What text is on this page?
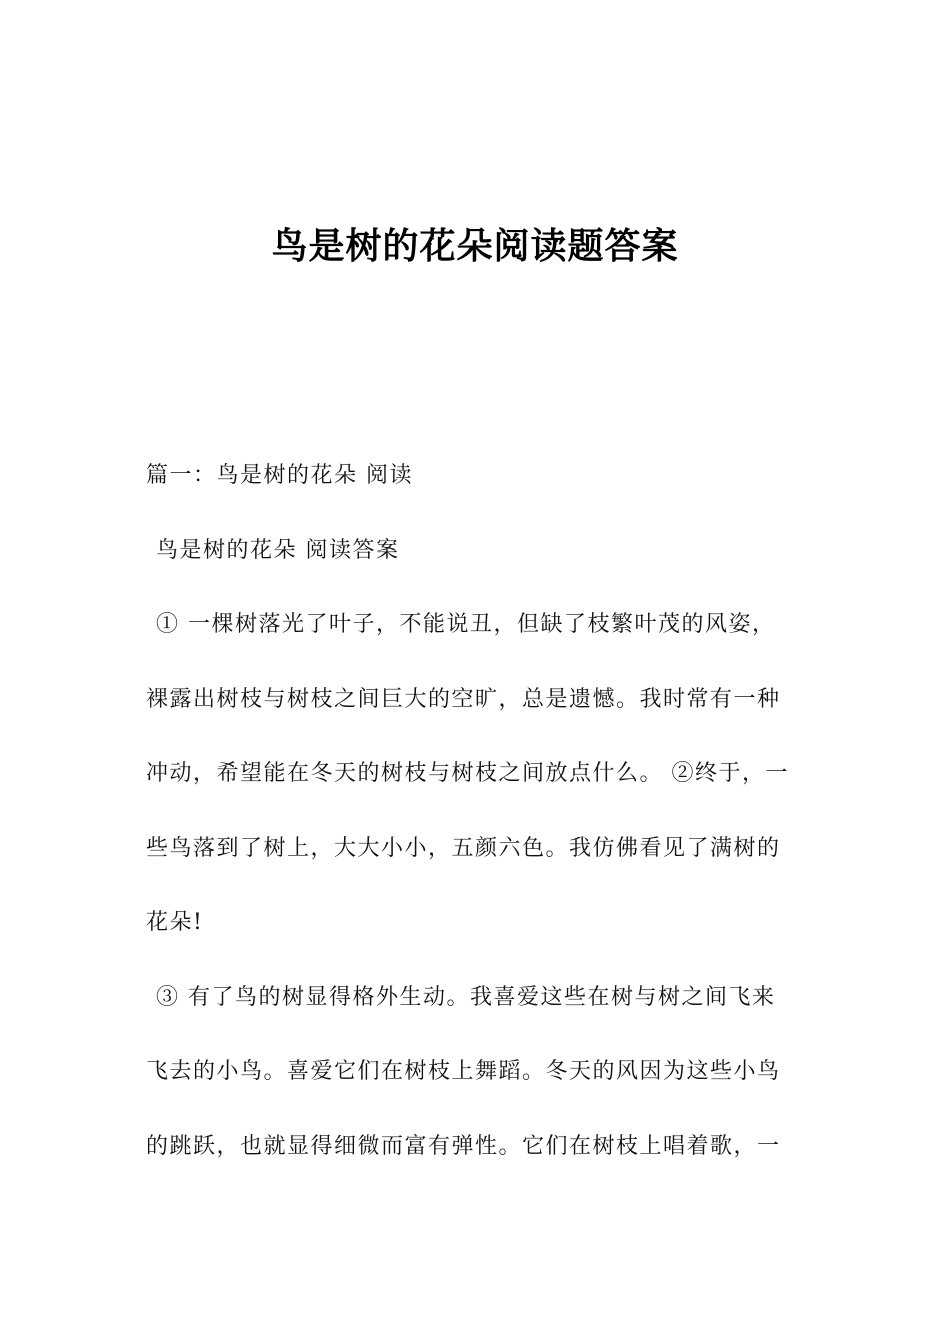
鸟是树的花朵阅读题答案
篇一：鸟是树的花朵 阅读
鸟是树的花朵 阅读答案
① 一棵树落光了叶子，不能说丑，但缺了枝繁叶茂的风姿，
裸露出树枝与树枝之间巨大的空旷，总是遗憾。我时常有一种
冲动，希望能在冬天的树枝与树枝之间放点什么。 ②终于，一
些鸟落到了树上，大大小小，五颜六色。我仿佛看见了满树的
花朵!
③ 有了鸟的树显得格外生动。我喜爱这些在树与树之间飞来
飞去的小鸟。喜爱它们在树枝上舞蹈。冬天的风因为这些小鸟
的跳跃，也就显得细微而富有弹性。它们在树枝上唱着歌，一
